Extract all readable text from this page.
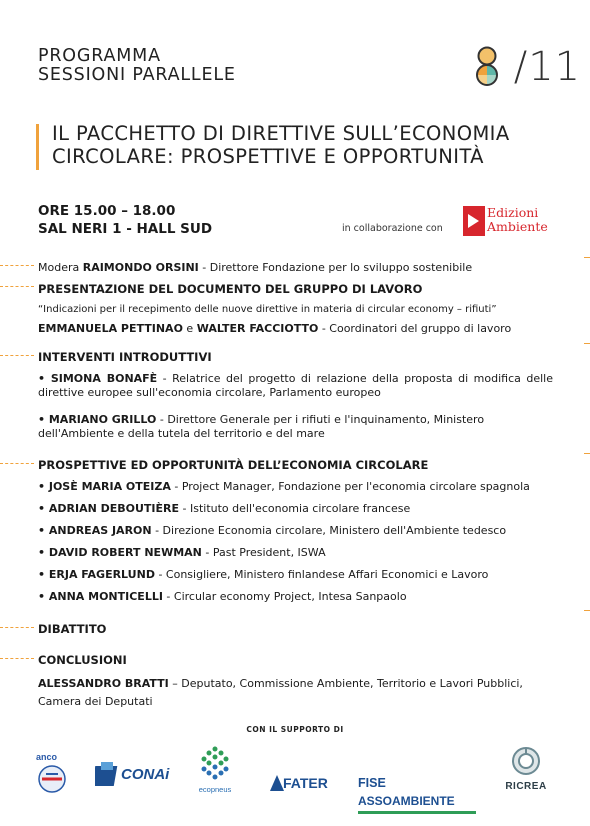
PROGRAMMA
SESSIONI PARALLELE	/11
IL PACCHETTO DI DIRETTIVE SULL’ECONOMIA
CIRCOLARE: PROSPETTIVE E OPPORTUNITÀ
ORE 15.00 – 18.00
SAL NERI 1 - HALL SUD	in collaborazione con
Edizioni
Ambiente
Modera RAIMONDO ORSINI - Direttore Fondazione per lo sviluppo sostenibile
PRESENTAZIONE DEL DOCUMENTO DEL GRUPPO DI LAVORO
“Indicazioni per il recepimento delle nuove direttive in materia di circular economy – rifiuti”
EMMANUELA PETTINAO e WALTER FACCIOTTO - Coordinatori del gruppo di lavoro
INTERVENTI INTRODUTTIVI
• SIMONA BONAFÈ - Relatrice del progetto di relazione della proposta di modifica delle direttive europee sull'economia circolare, Parlamento europeo
• MARIANO GRILLO - Direttore Generale per i rifiuti e l'inquinamento, Ministero dell'Ambiente e della tutela del territorio e del mare
PROSPETTIVE ED OPPORTUNITÀ DELL’ECONOMIA CIRCOLARE
• JOSÈ MARIA OTEIZA - Project Manager, Fondazione per l'economia circolare spagnola
• ADRIAN DEBOUTIÈRE - Istituto dell'economia circolare francese
• ANDREAS JARON - Direzione Economia circolare, Ministero dell'Ambiente tedesco
• DAVID ROBERT NEWMAN - Past President, ISWA
• ERJA FAGERLUND - Consigliere, Ministero finlandese Affari Economici e Lavoro
• ANNA MONTICELLI - Circular economy Project, Intesa Sanpaolo
DIBATTITO
CONCLUSIONI
ALESSANDRO BRATTI – Deputato, Commissione Ambiente, Territorio e Lavori Pubblici, Camera dei Deputati
CON IL SUPPORTO DI
anco
CONAi
ecopneus	FATER FISE ASSOAMBIENTE
RICREA
